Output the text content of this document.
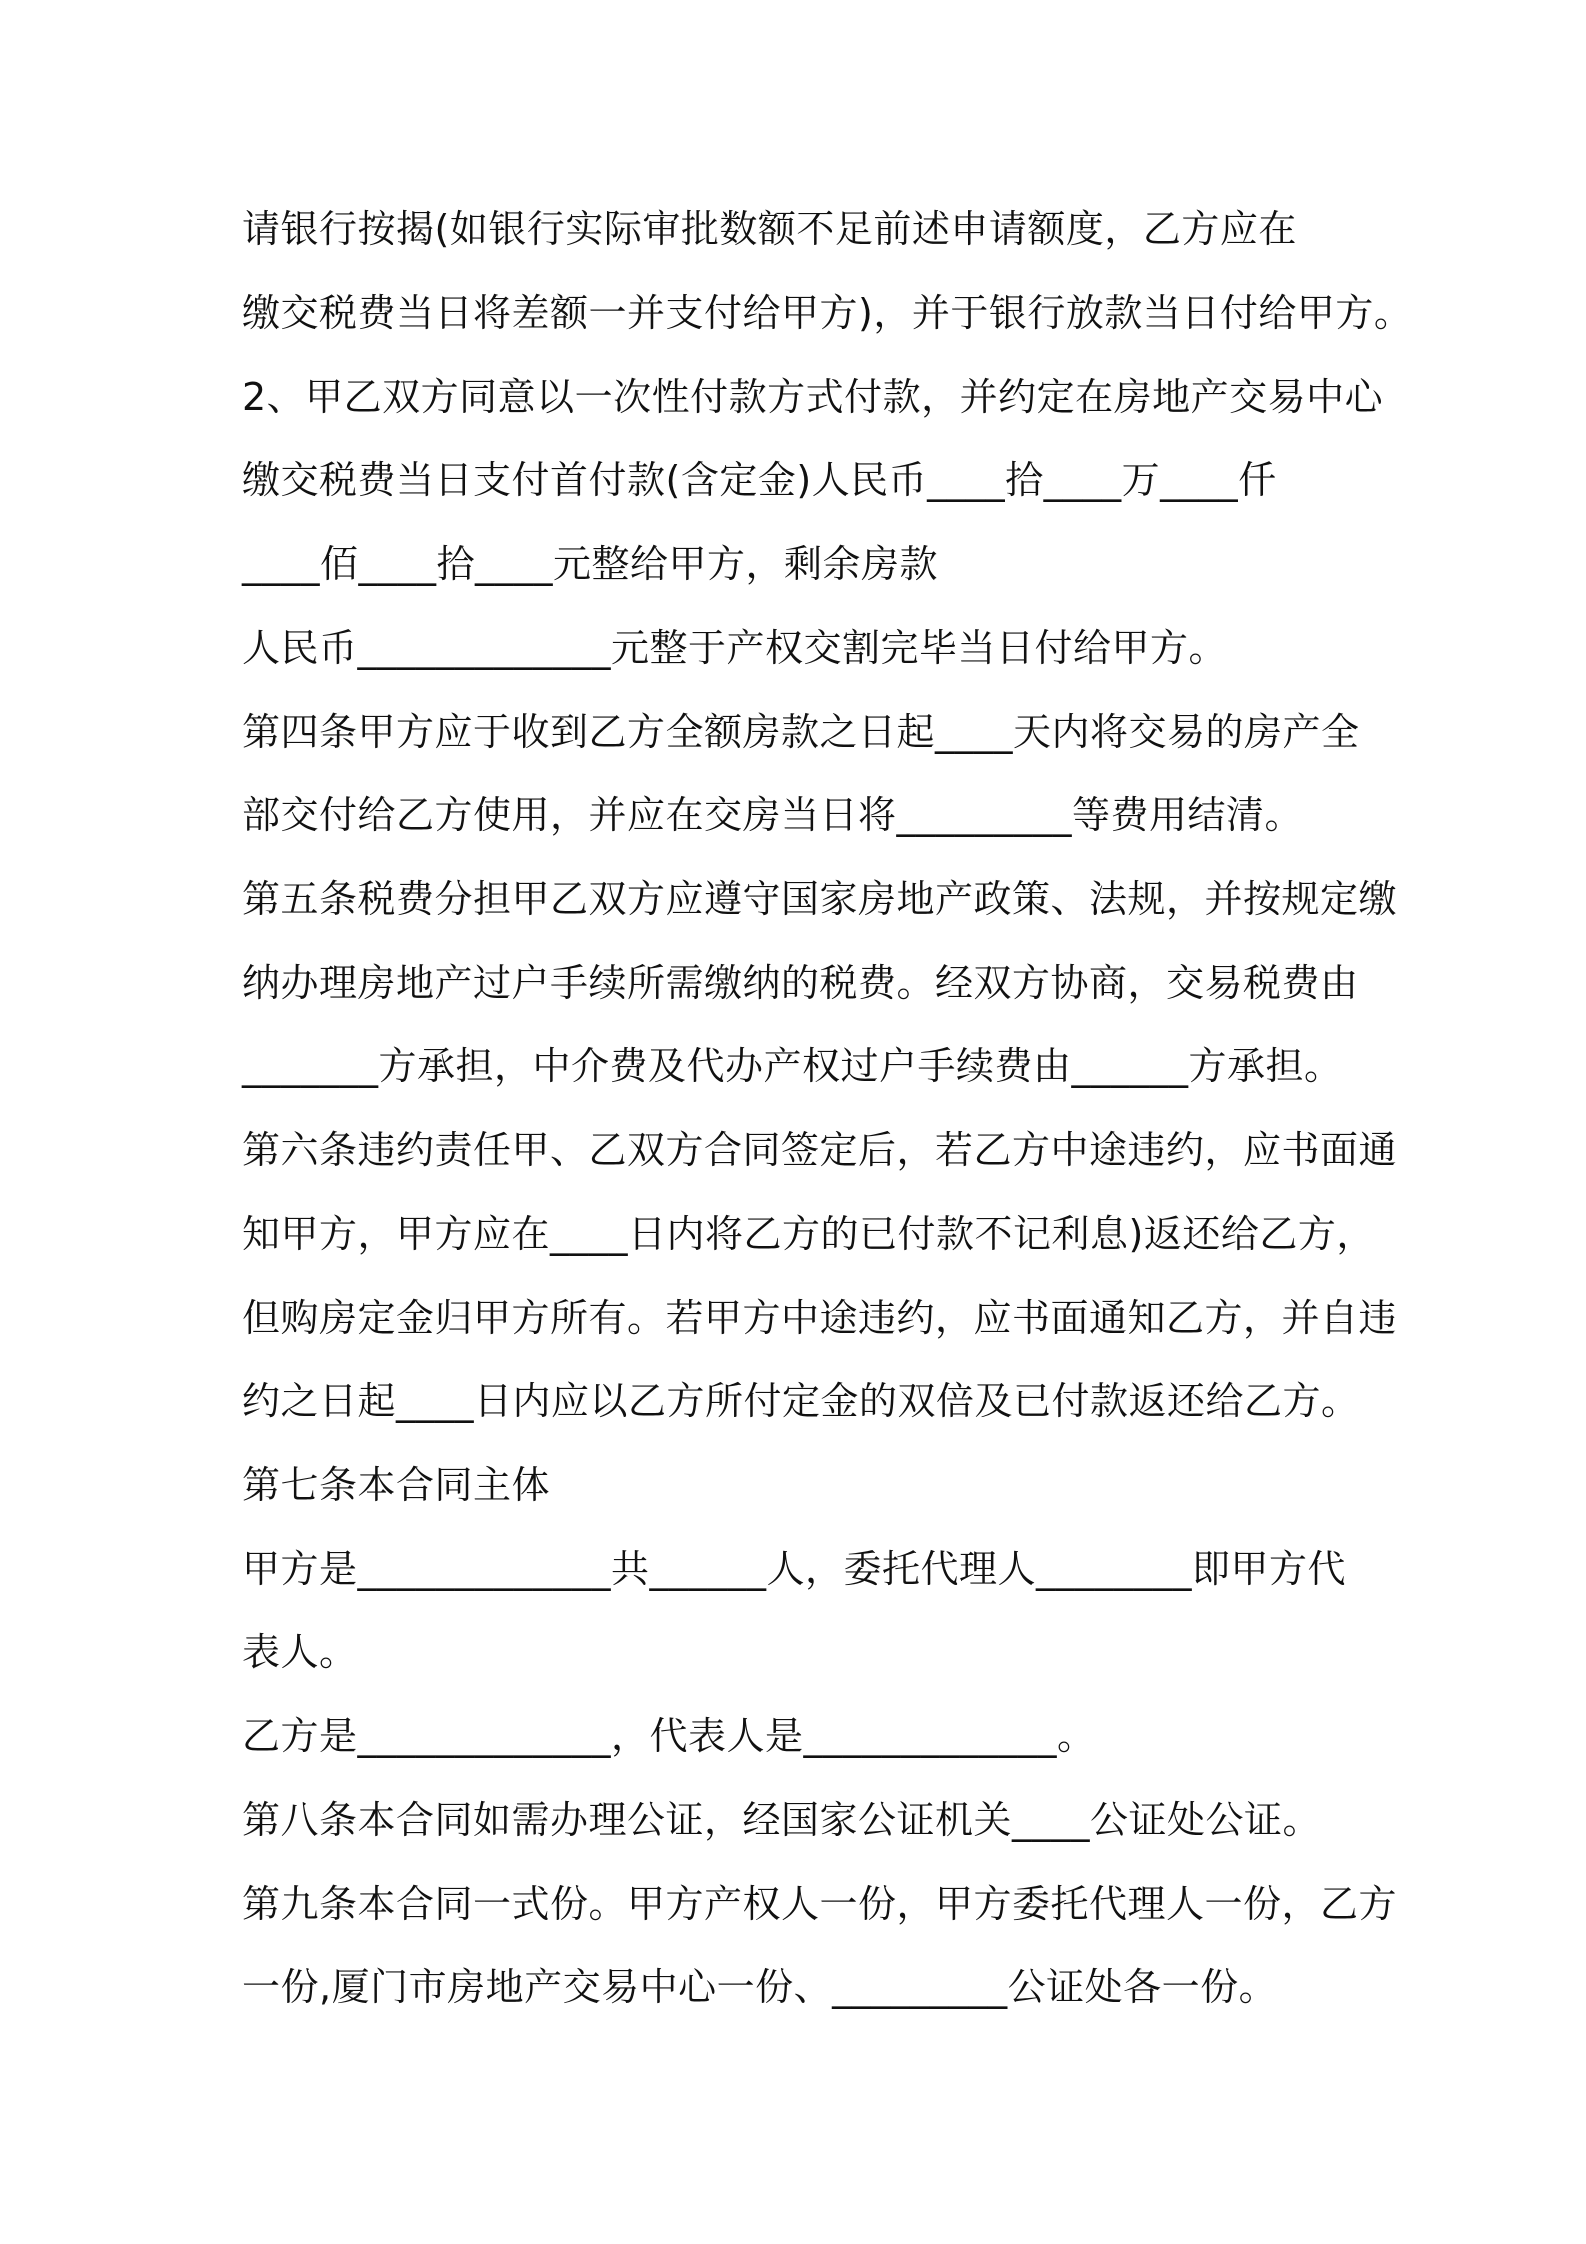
请银行按揭(如银行实际审批数额不足前述申请额度，乙方应在
缴交税费当日将差额一并支付给甲方)，并于银行放款当日付给甲方。
2、甲乙双方同意以一次性付款方式付款，并约定在房地产交易中心
缴交税费当日支付首付款(含定金)人民币____拾____万____仟
____佰____拾____元整给甲方，剩余房款
人民币_____________元整于产权交割完毕当日付给甲方。
第四条甲方应于收到乙方全额房款之日起____天内将交易的房产全
部交付给乙方使用，并应在交房当日将_________等费用结清。
第五条税费分担甲乙双方应遵守国家房地产政策、法规，并按规定缴
纳办理房地产过户手续所需缴纳的税费。经双方协商，交易税费由
_______方承担，中介费及代办产权过户手续费由______方承担。
第六条违约责任甲、乙双方合同签定后，若乙方中途违约，应书面通
知甲方，甲方应在____日内将乙方的已付款不记利息)返还给乙方，
但购房定金归甲方所有。若甲方中途违约，应书面通知乙方，并自违
约之日起____日内应以乙方所付定金的双倍及已付款返还给乙方。
第七条本合同主体
甲方是_____________共______人，委托代理人________即甲方代
表人。
乙方是_____________，代表人是_____________。
第八条本合同如需办理公证，经国家公证机关____公证处公证。
第九条本合同一式份。甲方产权人一份，甲方委托代理人一份，乙方
一份,厦门市房地产交易中心一份、_________公证处各一份。
